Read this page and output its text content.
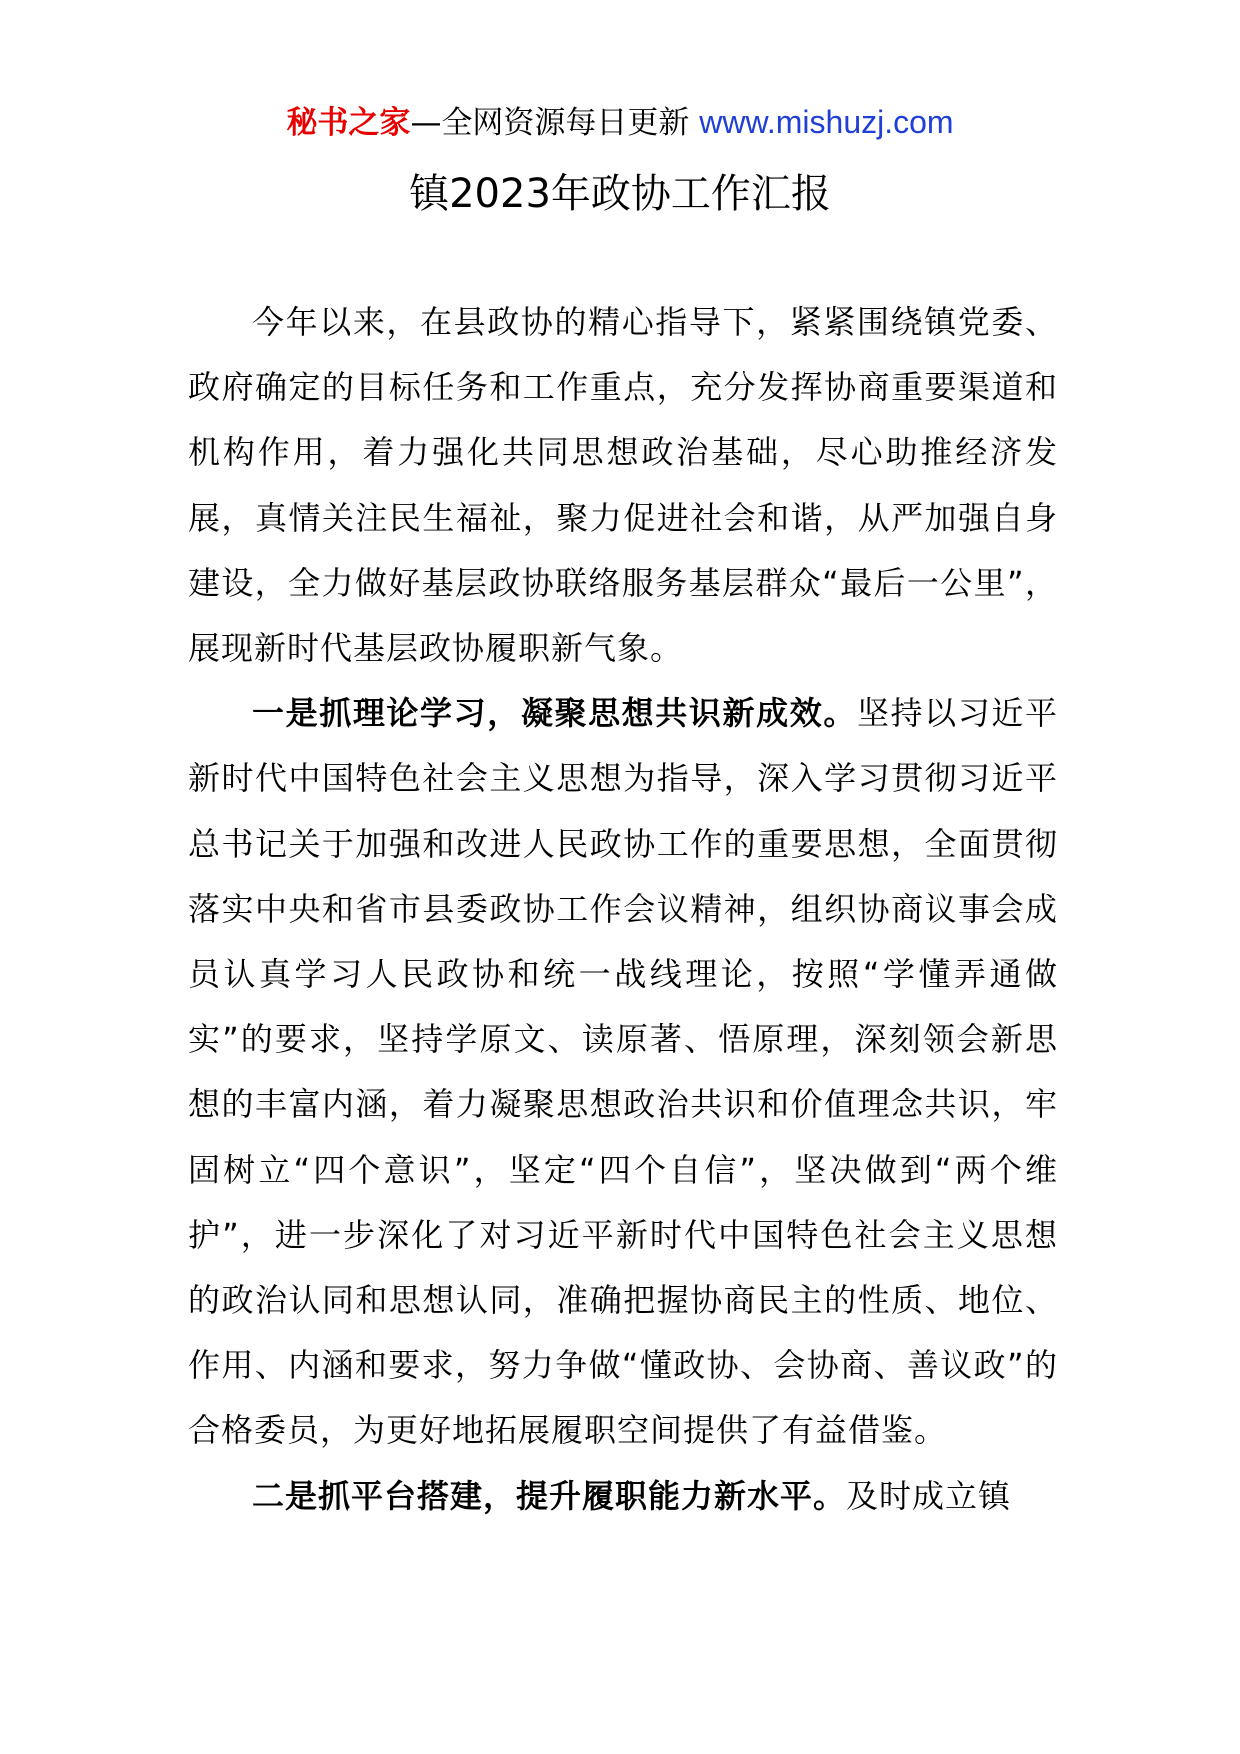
秘书之家—全网资源每日更新 www.mishuzj.com
镇2023年政协工作汇报

今年以来，在县政协的精心指导下，紧紧围绕镇党委、政府确定的目标任务和工作重点，充分发挥协商重要渠道和机构作用，着力强化共同思想政治基础，尽心助推经济发展，真情关注民生福祉，聚力促进社会和谐，从严加强自身建设，全力做好基层政协联络服务基层群众“最后一公里”，展现新时代基层政协履职新气象。

一是抓理论学习，凝聚思想共识新成效。坚持以习近平新时代中国特色社会主义思想为指导，深入学习贯彻习近平总书记关于加强和改进人民政协工作的重要思想，全面贯彻落实中央和省市县委政协工作会议精神，组织协商议事会成员认真学习人民政协和统一战线理论，按照“学懂弄通做实”的要求，坚持学原文、读原著、悟原理，深刻领会新思想的丰富内涵，着力凝聚思想政治共识和价值理念共识，牢固树立“四个意识”，坚定“四个自信”，坚决做到“两个维护”，进一步深化了对习近平新时代中国特色社会主义思想的政治认同和思想认同，准确把握协商民主的性质、地位、作用、内涵和要求，努力争做“懂政协、会协商、善议政”的合格委员，为更好地拓展履职空间提供了有益借鉴。

二是抓平台搭建，提升履职能力新水平。及时成立镇
